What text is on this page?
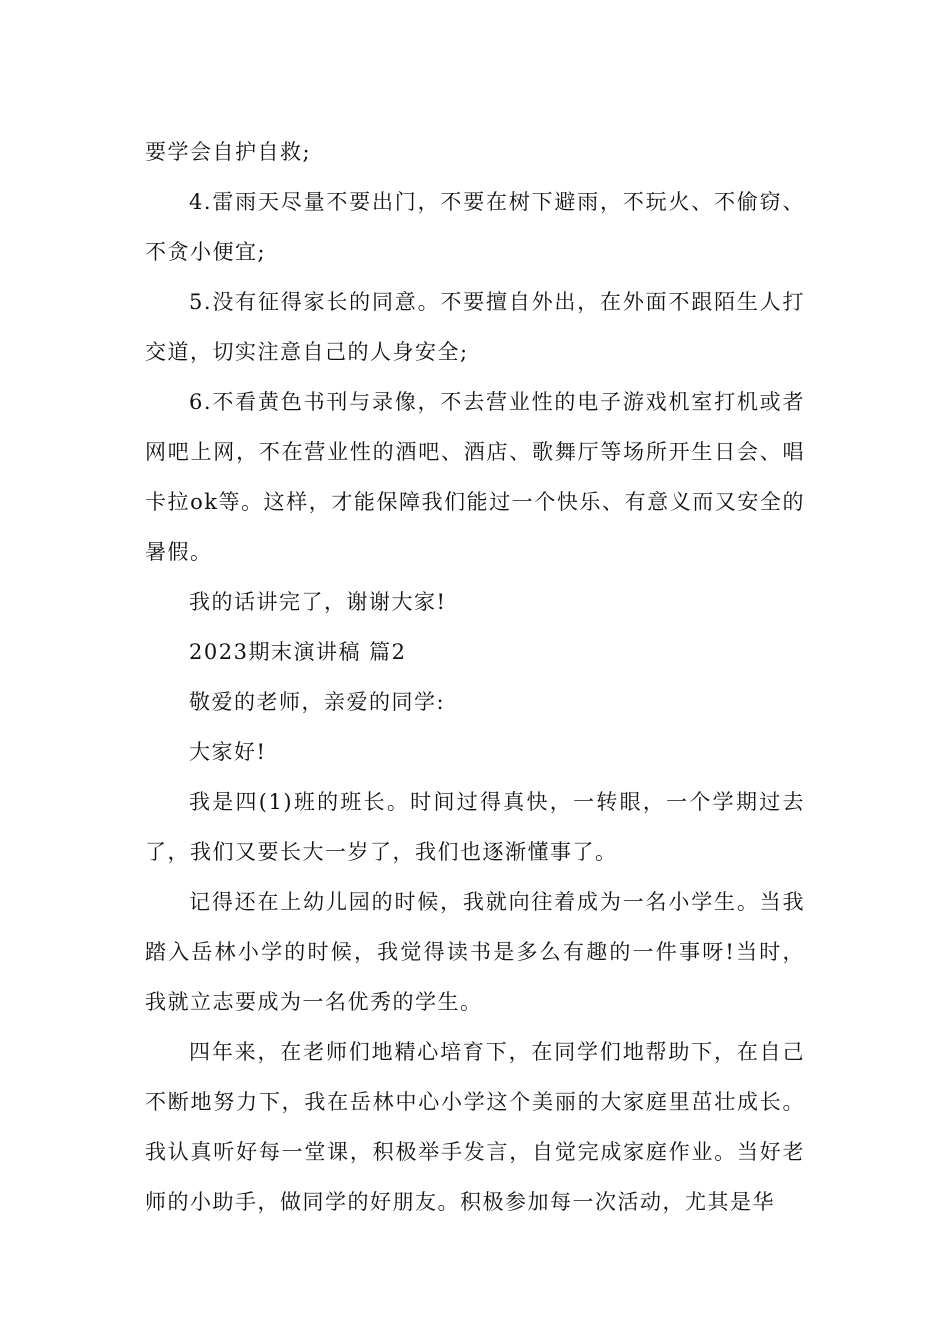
要学会自护自救;

4.雷雨天尽量不要出门，不要在树下避雨，不玩火、不偷窃、不贪小便宜;

5.没有征得家长的同意。不要擅自外出，在外面不跟陌生人打交道，切实注意自己的人身安全;

6.不看黄色书刊与录像，不去营业性的电子游戏机室打机或者网吧上网，不在营业性的酒吧、酒店、歌舞厅等场所开生日会、唱卡拉ok等。这样，才能保障我们能过一个快乐、有意义而又安全的暑假。

我的话讲完了，谢谢大家!

2023期末演讲稿 篇2

敬爱的老师，亲爱的同学:

大家好!

我是四(1)班的班长。时间过得真快，一转眼，一个学期过去了，我们又要长大一岁了，我们也逐渐懂事了。

记得还在上幼儿园的时候，我就向往着成为一名小学生。当我踏入岳林小学的时候，我觉得读书是多么有趣的一件事呀!当时，我就立志要成为一名优秀的学生。

四年来，在老师们地精心培育下，在同学们地帮助下，在自己不断地努力下，我在岳林中心小学这个美丽的大家庭里茁壮成长。我认真听好每一堂课，积极举手发言，自觉完成家庭作业。当好老师的小助手，做同学的好朋友。积极参加每一次活动，尤其是华
